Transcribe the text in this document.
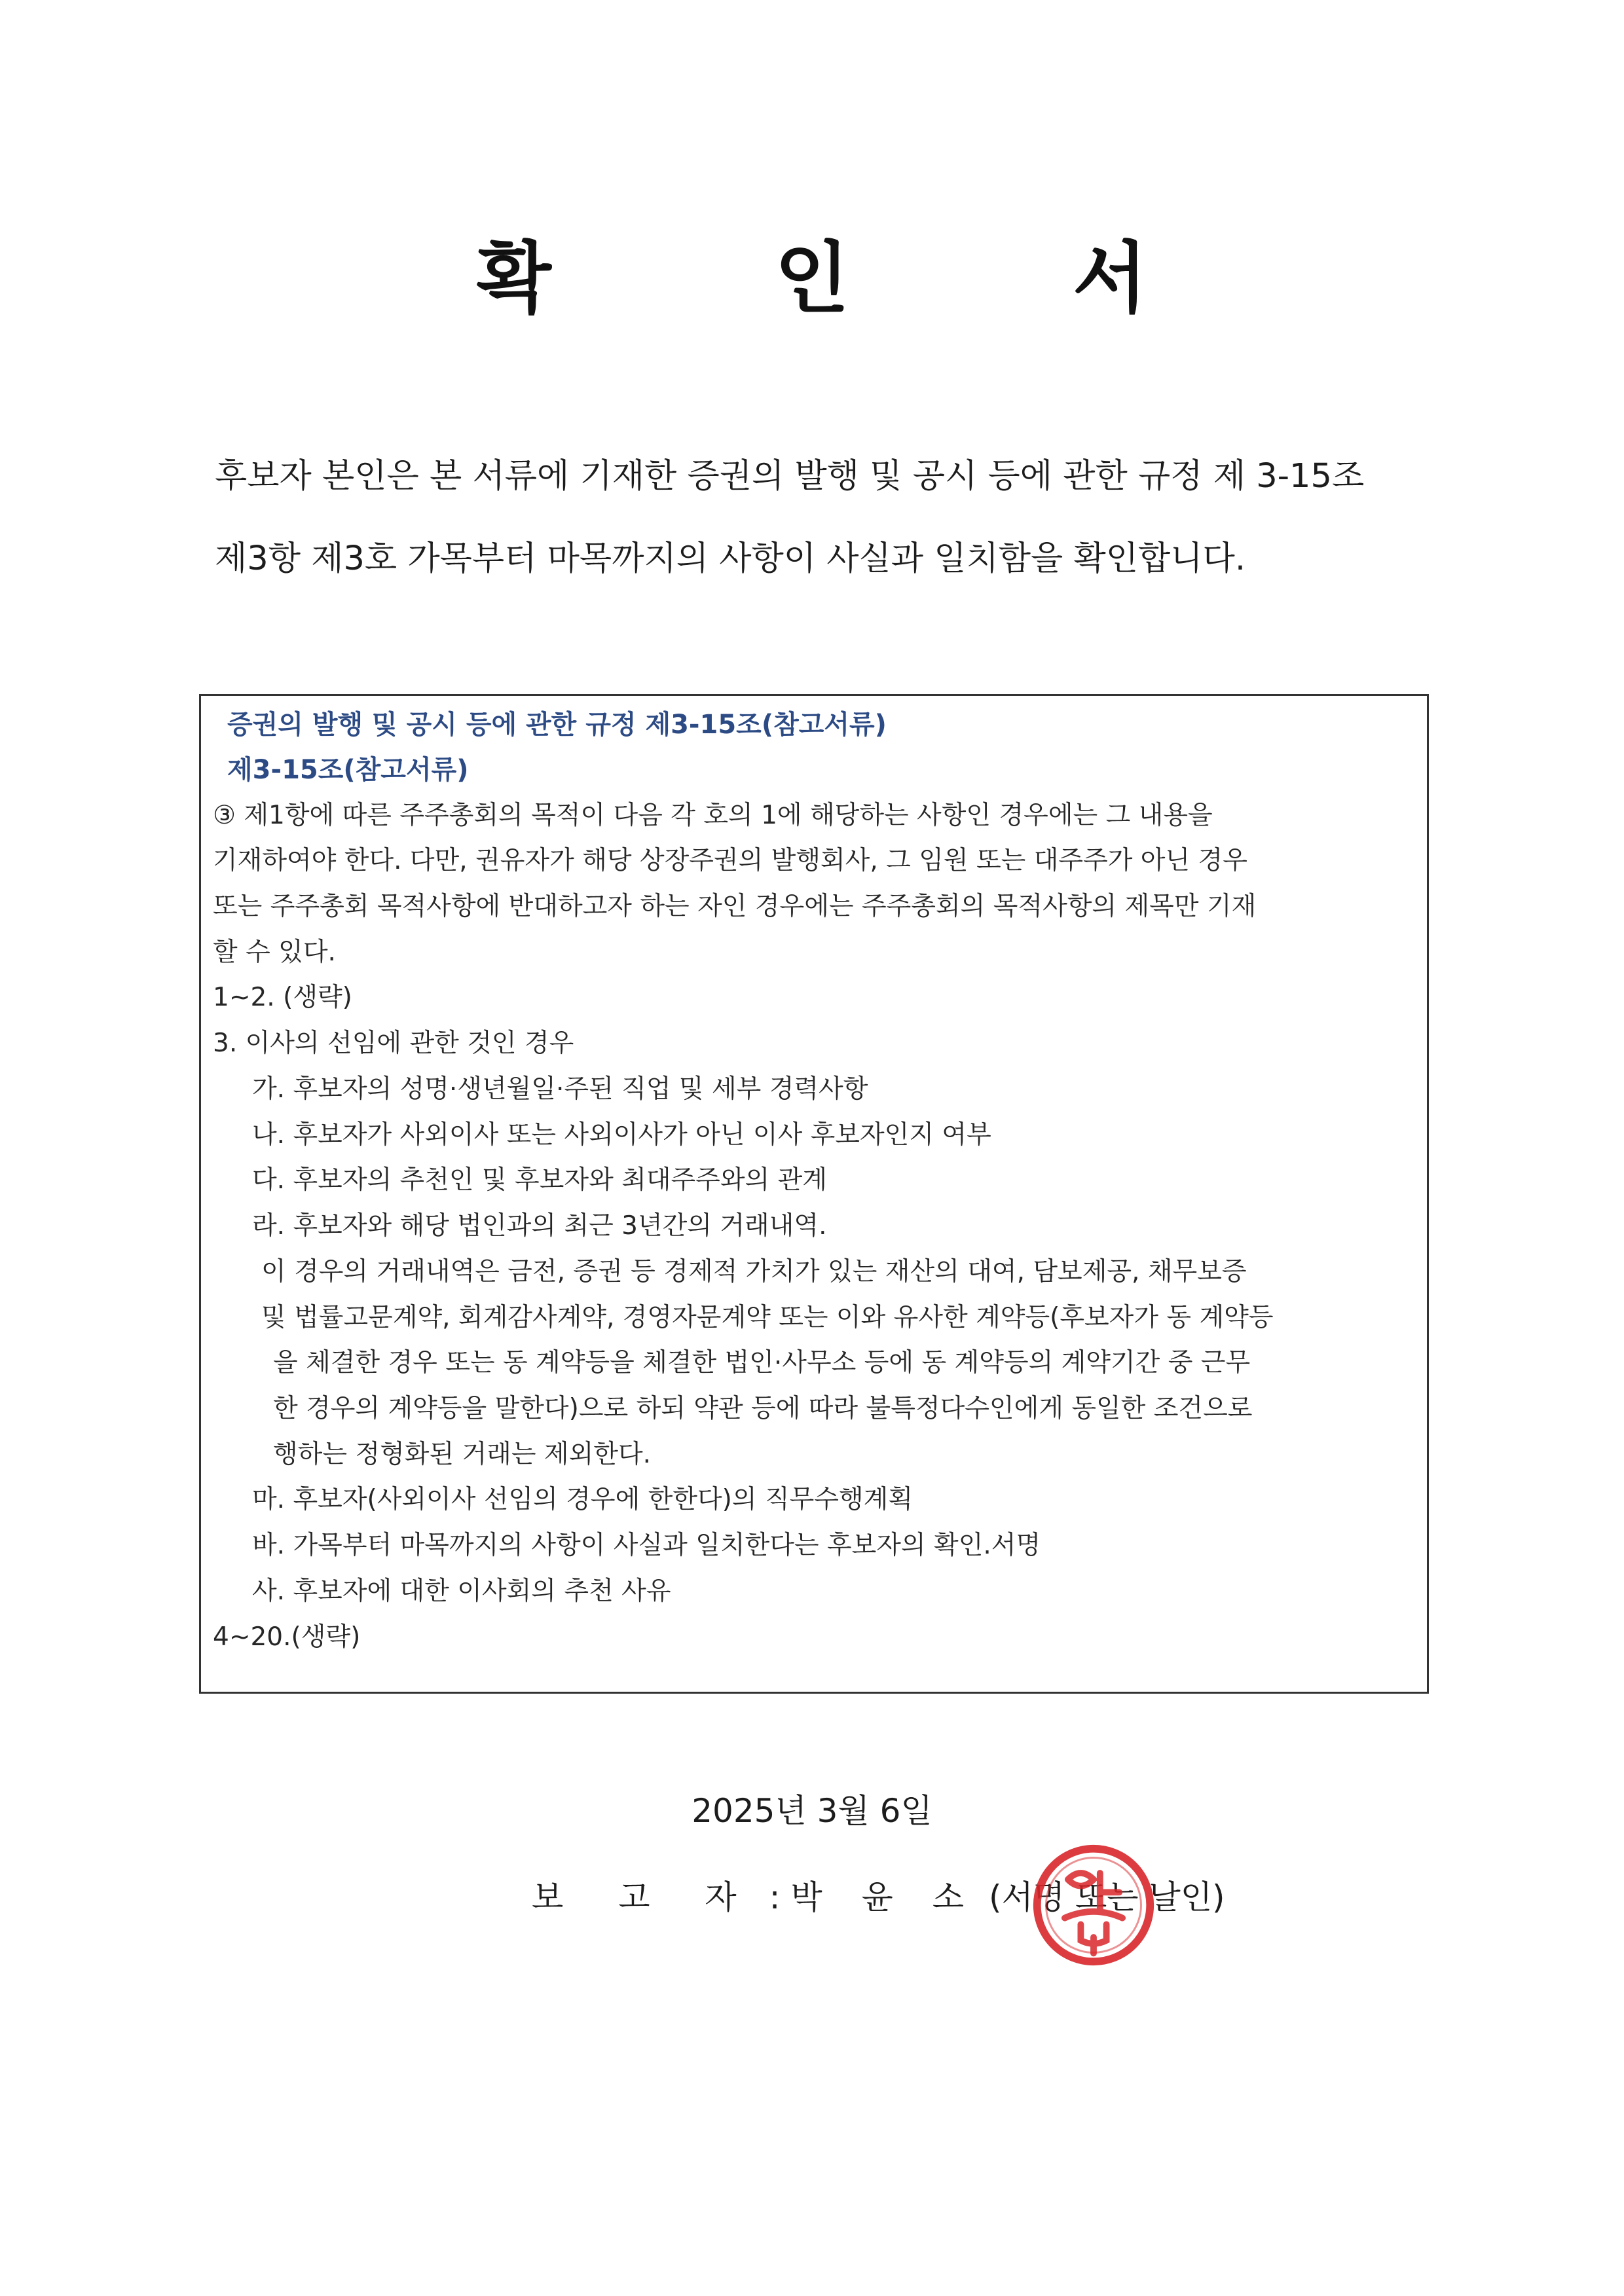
확 인 서
후보자 본인은 본 서류에 기재한 증권의 발행 및 공시 등에 관한 규정 제 3-15조
제3항 제3호 가목부터 마목까지의 사항이 사실과 일치함을 확인합니다.
증권의 발행 및 공시 등에 관한 규정 제3-15조(참고서류)
제3-15조(참고서류)
③ 제1항에 따른 주주총회의 목적이 다음 각 호의 1에 해당하는 사항인 경우에는 그 내용을
기재하여야 한다. 다만, 권유자가 해당 상장주권의 발행회사, 그 임원 또는 대주주가 아닌 경우
또는 주주총회 목적사항에 반대하고자 하는 자인 경우에는 주주총회의 목적사항의 제목만 기재
할 수 있다.
1~2. (생략)
3. 이사의 선임에 관한 것인 경우
가. 후보자의 성명·생년월일·주된 직업 및 세부 경력사항
나. 후보자가 사외이사 또는 사외이사가 아닌 이사 후보자인지 여부
다. 후보자의 추천인 및 후보자와 최대주주와의 관계
라. 후보자와 해당 법인과의 최근 3년간의 거래내역.
이 경우의 거래내역은 금전, 증권 등 경제적 가치가 있는 재산의 대여, 담보제공, 채무보증
및 법률고문계약, 회계감사계약, 경영자문계약 또는 이와 유사한 계약등(후보자가 동 계약등
을 체결한 경우 또는 동 계약등을 체결한 법인·사무소 등에 동 계약등의 계약기간 중 근무
한 경우의 계약등을 말한다)으로 하되 약관 등에 따라 불특정다수인에게 동일한 조건으로
행하는 정형화된 거래는 제외한다.
마. 후보자(사외이사 선임의 경우에 한한다)의 직무수행계획
바. 가목부터 마목까지의 사항이 사실과 일치한다는 후보자의 확인.서명
사. 후보자에 대한 이사회의 추천 사유
4~20.(생략)
2025년 3월 6일
보 고 자 : 박 윤 소 (서명 또는 날인)
